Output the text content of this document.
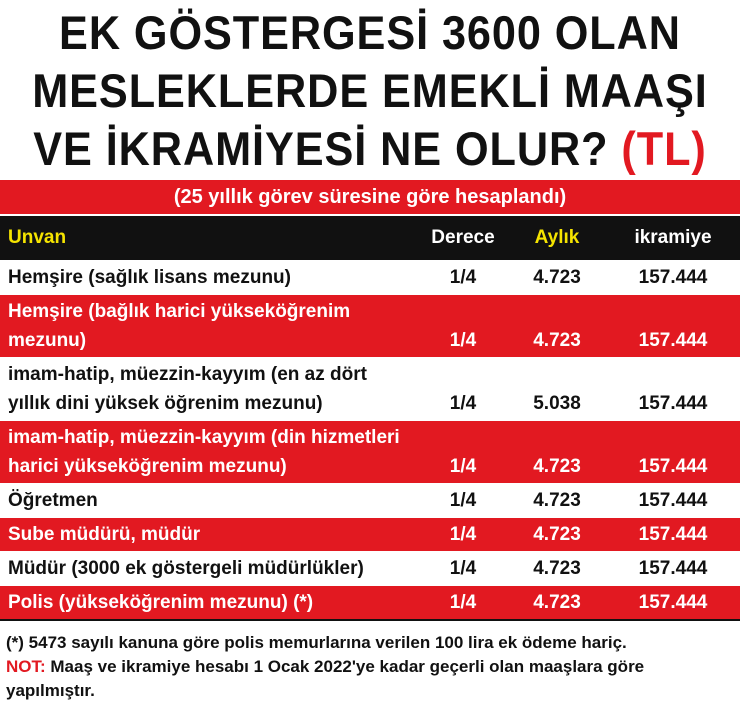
EK GÖSTERGESİ 3600 OLAN
MESLEKLERDE EMEKLİ MAAŞI
VE İKRAMİYESİ NE OLUR? (TL)
(25 yıllık görev süresine göre hesaplandı)
Unvan	Derece	Aylık	ikramiye
Hemşire (sağlık lisans mezunu)	1/4	4.723	157.444
Hemşire (bağlık harici yükseköğrenim mezunu)	1/4	4.723	157.444
imam-hatip, müezzin-kayyım (en az dört
yıllık dini yüksek öğrenim mezunu)	1/4	5.038	157.444
imam-hatip, müezzin-kayyım (din hizmetleri
harici yükseköğrenim mezunu)	1/4	4.723	157.444
Öğretmen	1/4	4.723	157.444
Sube müdürü, müdür	1/4	4.723	157.444
Müdür (3000 ek göstergeli müdürlükler)	1/4	4.723	157.444
Polis (yükseköğrenim mezunu) (*)	1/4	4.723	157.444
(*) 5473 sayılı kanuna göre polis memurlarına verilen 100 lira ek ödeme hariç.
NOT: Maaş ve ikramiye hesabı 1 Ocak 2022'ye kadar geçerli olan maaşlara göre yapılmıştır.
